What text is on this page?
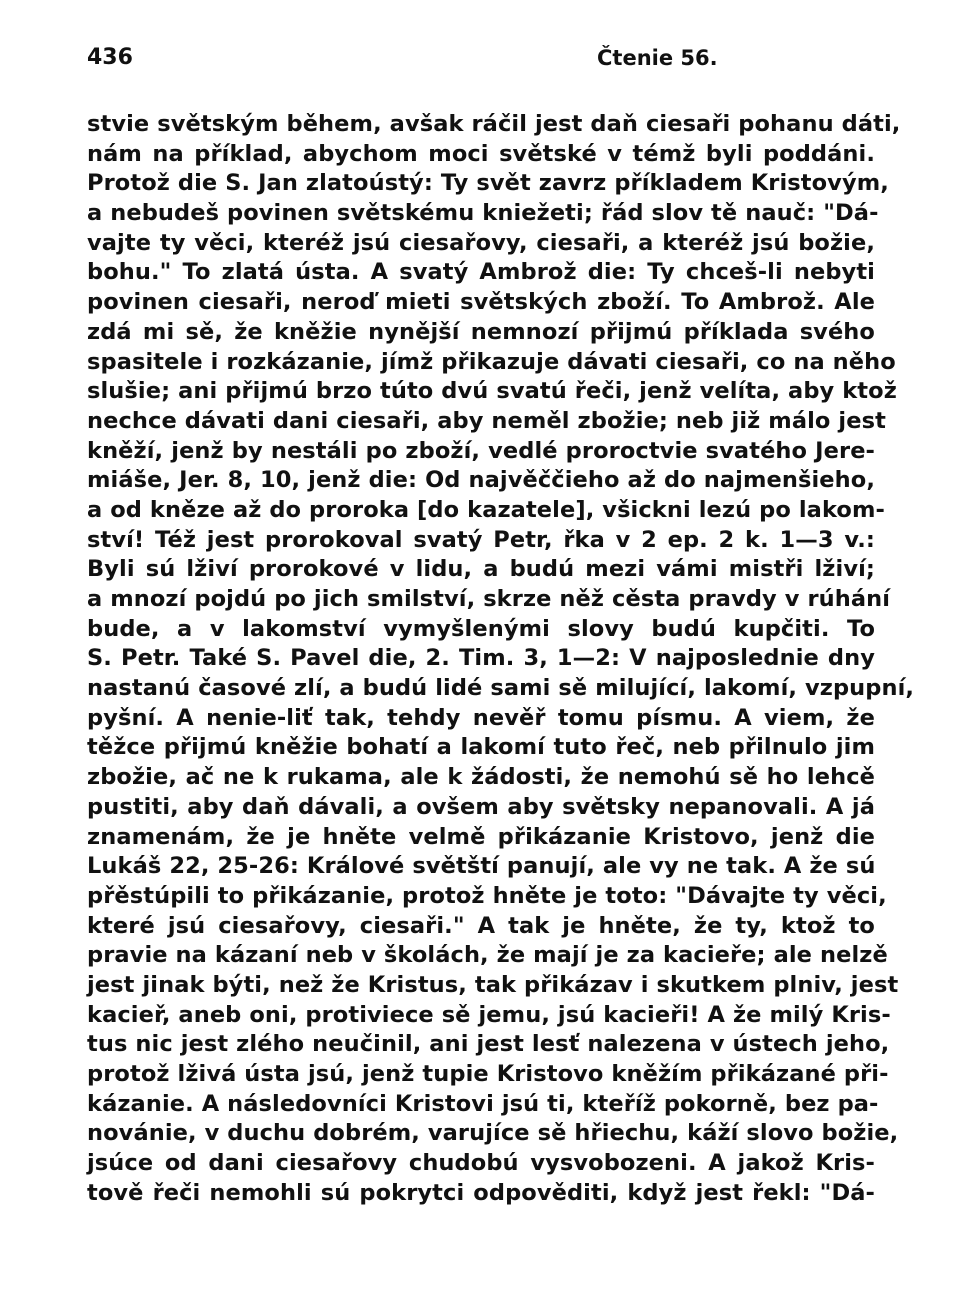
436	Čtenie 56.
stvie světským během, avšak ráčil jest daň ciesaři pohanu dáti,
nám na příklad, abychom moci světské v témž byli poddáni.
Protož die S. Jan zlatoústý: Ty svět zavrz příkladem Kristovým,
a nebudeš povinen světskému kniežeti; řád slov tě nauč: "Dá-
vajte ty věci, kteréž jsú ciesařovy, ciesaři, a kteréž jsú božie,
bohu." To zlatá ústa. A svatý Ambrož die: Ty chceš-li nebyti
povinen ciesaři, neroď mieti světských zboží. To Ambrož. Ale
zdá mi sě, že kněžie nynější nemnozí přijmú příklada svého
spasitele i rozkázanie, jímž přikazuje dávati ciesaři, co na něho
slušie; ani přijmú brzo túto dvú svatú řeči, jenž velíta, aby ktož
nechce dávati dani ciesaři, aby neměl zbožie; neb již málo jest
kněží, jenž by nestáli po zboží, vedlé proroctvie svatého Jere-
miáše, Jer. 8, 10, jenž die: Od najvěččieho až do najmenšieho,
a od kněze až do proroka [do kazatele], všickni lezú po lakom-
ství! Též jest prorokoval svatý Petr, řka v 2 ep. 2 k. 1—3 v.:
Byli sú lživí prorokové v lidu, a budú mezi vámi mistři lživí;
a mnozí pojdú po jich smilství, skrze něž cěsta pravdy v rúhání
bude, a v lakomství vymyšlenými slovy budú kupčiti. To
S. Petr. Také S. Pavel die, 2. Tim. 3, 1—2: V najposlednie dny
nastanú časové zlí, a budú lidé sami sě milující, lakomí, vzpupní,
pyšní. A nenie-liť tak, tehdy nevěř tomu písmu. A viem, že
těžce přijmú kněžie bohatí a lakomí tuto řeč, neb přilnulo jim
zbožie, ač ne k rukama, ale k žádosti, že nemohú sě ho lehcě
pustiti, aby daň dávali, a ovšem aby světsky nepanovali. A já
znamenám, že je hněte velmě přikázanie Kristovo, jenž die
Lukáš 22, 25-26: Králové světští panují, ale vy ne tak. A že sú
přěstúpili to přikázanie, protož hněte je toto: "Dávajte ty věci,
které jsú ciesařovy, ciesaři." A tak je hněte, že ty, ktož to
pravie na kázaní neb v školách, že mají je za kacieře; ale nelzě
jest jinak býti, než že Kristus, tak přikázav i skutkem plniv, jest
kacieř, aneb oni, protiviece sě jemu, jsú kacieři! A že milý Kris-
tus nic jest zlého neučinil, ani jest lesť nalezena v ústech jeho,
protož lživá ústa jsú, jenž tupie Kristovo kněžím přikázané při-
kázanie. A následovníci Kristovi jsú ti, kteříž pokorně, bez pa-
novánie, v duchu dobrém, varujíce sě hřiechu, káží slovo božie,
jsúce od dani ciesařovy chudobú vysvobozeni. A jakož Kris-
tově řeči nemohli sú pokrytci odpověditi, když jest řekl: "Dá-
